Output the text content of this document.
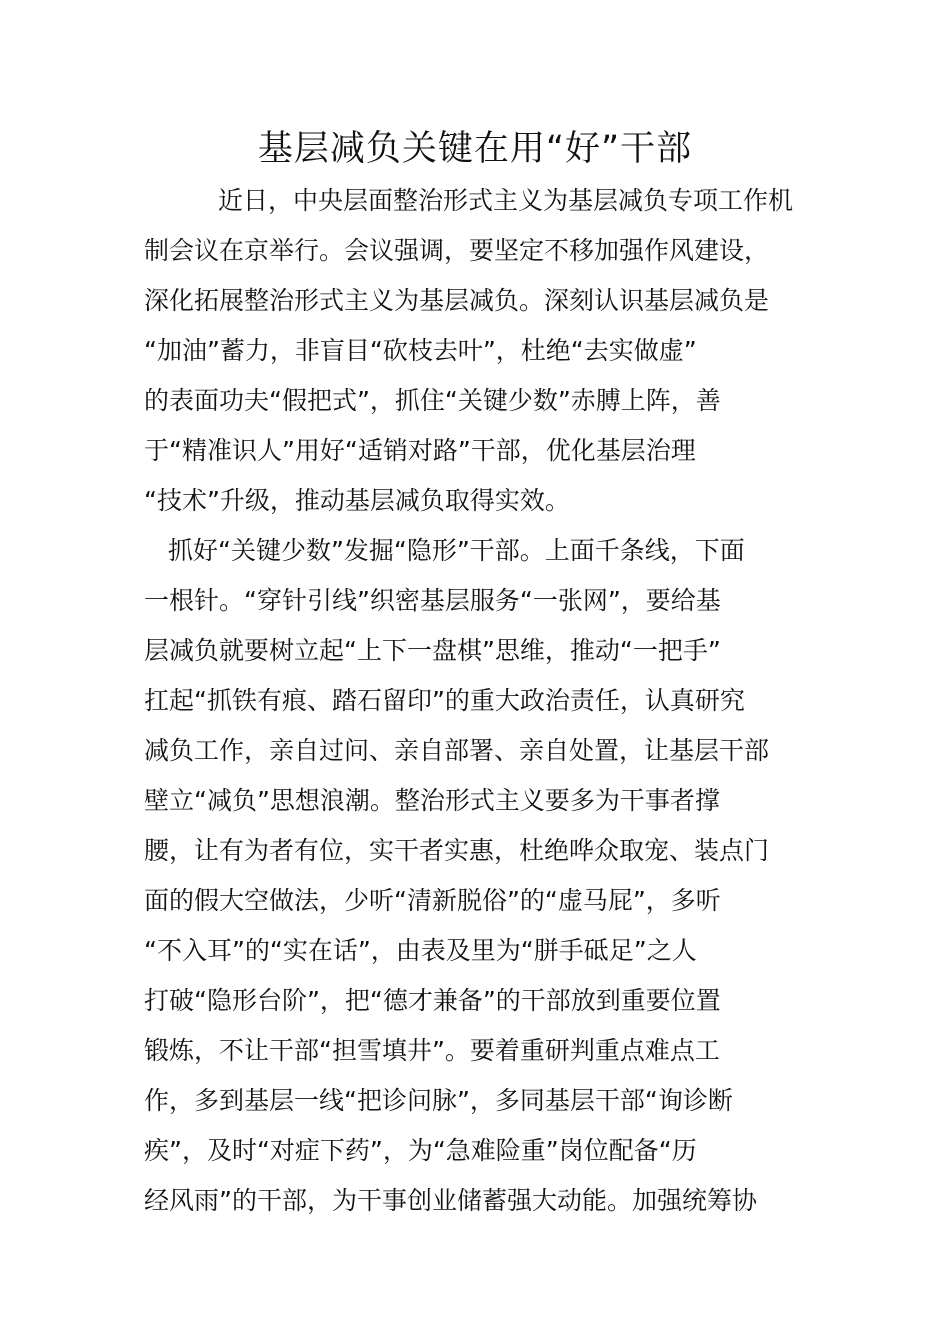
基层减负关键在用“好”干部
近日，中央层面整治形式主义为基层减负专项工作机
制会议在京举行。会议强调，要坚定不移加强作风建设，
深化拓展整治形式主义为基层减负。深刻认识基层减负是
“加油”蓄力，非盲目“砍枝去叶”，杜绝“去实做虚”
的表面功夫“假把式”，抓住“关键少数”赤膊上阵，善
于“精准识人”用好“适销对路”干部，优化基层治理
“技术”升级，推动基层减负取得实效。
抓好“关键少数”发掘“隐形”干部。上面千条线，下面
一根针。“穿针引线”织密基层服务“一张网”，要给基
层减负就要树立起“上下一盘棋”思维，推动“一把手”
扛起“抓铁有痕、踏石留印”的重大政治责任，认真研究
减负工作，亲自过问、亲自部署、亲自处置，让基层干部
壁立“减负”思想浪潮。整治形式主义要多为干事者撑
腰，让有为者有位，实干者实惠，杜绝哗众取宠、装点门
面的假大空做法，少听“清新脱俗”的“虚马屁”，多听
“不入耳”的“实在话”，由表及里为“胼手砥足”之人
打破“隐形台阶”，把“德才兼备”的干部放到重要位置
锻炼，不让干部“担雪填井”。要着重研判重点难点工
作，多到基层一线“把诊问脉”，多同基层干部“询诊断
疾”，及时“对症下药”，为“急难险重”岗位配备“历
经风雨”的干部，为干事创业储蓄强大动能。加强统筹协
